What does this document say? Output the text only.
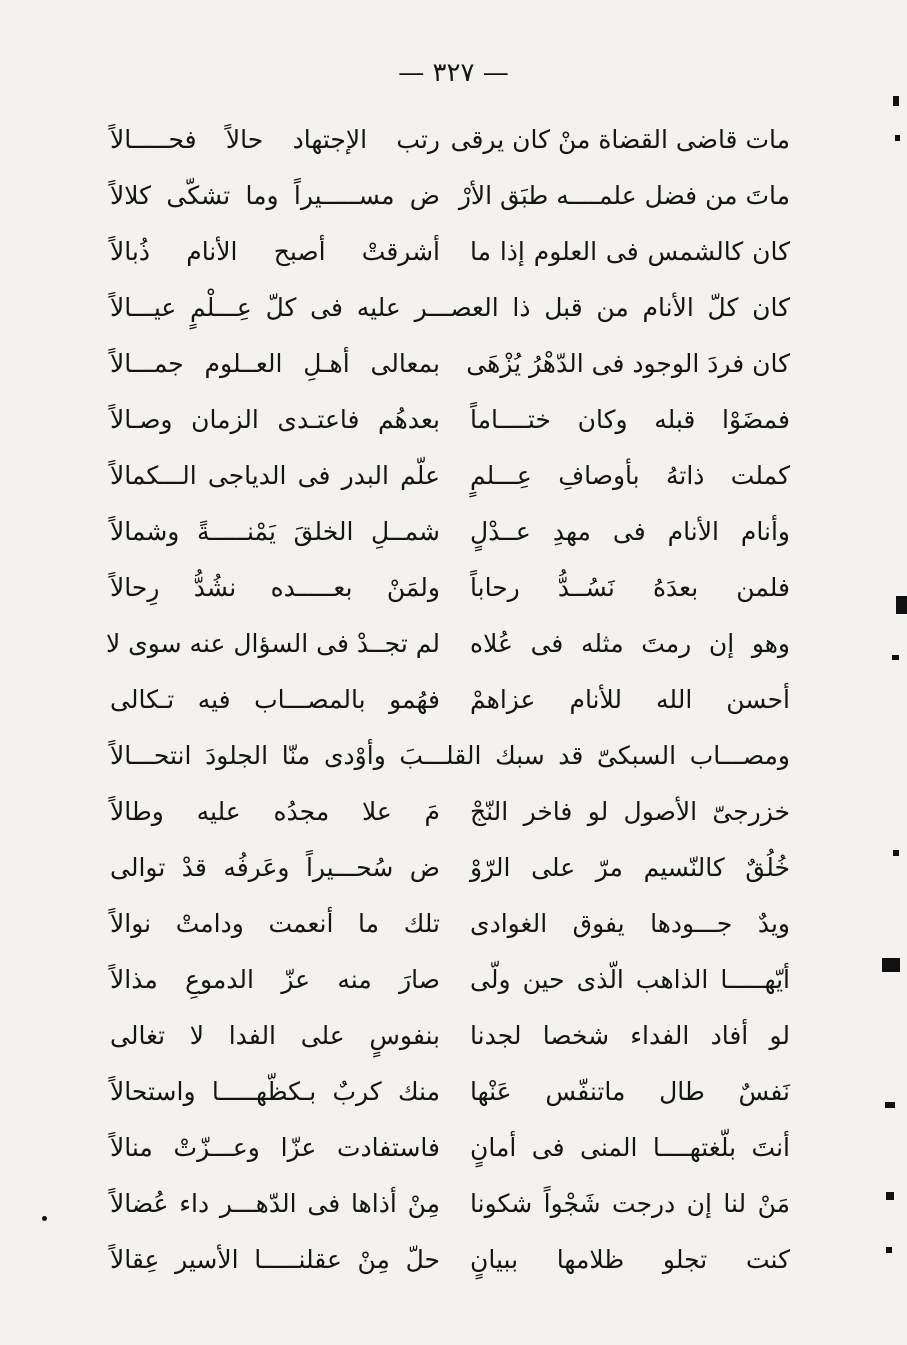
— ٣٢٧ —
مات قاضى القضاة منْ كان يرقى
رتب الإجتهاد حالاً فحـــــالاً
ماتَ من فضل علمــــه طبَق الأرْ
ض مســـــيراً وما تشكّى كلالاً
كان كالشمس فى العلوم إذا ما
أشرقتْ أصبح الأنام ذُبالاً
كان كلّ الأنام من قبل ذا العصـــر عليه فى كلّ عِـــلْمٍ عيـــالاً
كان فردَ الوجود فى الدّهْرُ يُزْهَى
بمعالى أهـلِ العــلوم جمـــالاً
فمضَوْا قبله وكان ختــــاماً
بعدهُم فاعتـدى الزمان وصـالاً
كملت ذاتهُ بأوصافِ عِـــلمٍ
علّم البدر فى الدياجى الـــكمالاً
وأنام الأنام فى مهدِ عــدْلٍ
شمــلِ الخلقَ يَمْنـــــةً وشمالاً
فلمن بعدَهُ نَسُــدُّ رحاباً
ولمَنْ بعـــــده نشُدُّ رِحالاً
وهو إن رمتَ مثله فى عُلاه
لم تجــدْ فى السؤال عنه سوى لا
أحسن الله للأنام عزاهمْ
فهُمو بالمصـــاب فيه تـكالى
ومصـــاب السبكىّ قد سبك القلـــبَ وأوْدى منّا الجلودَ انتحـــالاً
خزرجىّ الأصول لو فاخر النّجْ
مَ علا مجدُه عليه وطالاً
خُلُقٌ كالنّسيم مرّ على الرّوْ
ض سُحـــيراً وعَرفُه قدْ توالى
ويدٌ جـــودها يفوق الغوادى
تلك ما أنعمت ودامتْ نوالاً
أيّهـــــا الذاهب الّذى حين ولّى
صارَ منه عزّ الدموعِ مذالاً
لو أفاد الفداء شخصا لجدنا
بنفوسٍ على الفدا لا تغالى
نَفسٌ طال ماتنفّس عَنْها
منك كربٌ بـكظّهـــــا واستحالاً
أنتَ بلّغتهــــا المنى فى أمانٍ
فاستفادت عزّا وعـــزّتْ منالاً
مَنْ لنا إن درجت شَجْواً شكونا
مِنْ أذاها فى الدّهـــر داء عُضالاً
كنت تجلو ظلامها ببيانٍ
حلّ مِنْ عقلنـــــا الأسير عِقالاً
